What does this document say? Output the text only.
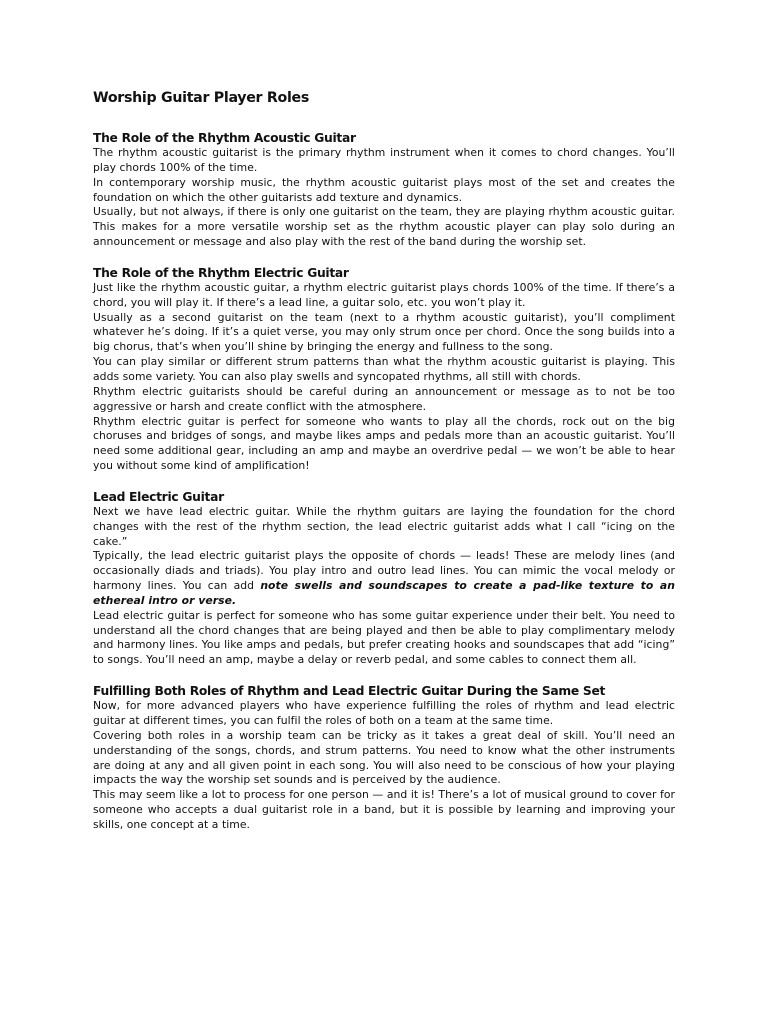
Worship Guitar Player Roles
The Role of the Rhythm Acoustic Guitar

The rhythm acoustic guitarist is the primary rhythm instrument when it comes to chord changes. You’ll play chords 100% of the time.

In contemporary worship music, the rhythm acoustic guitarist plays most of the set and creates the foundation on which the other guitarists add texture and dynamics.

Usually, but not always, if there is only one guitarist on the team, they are playing rhythm acoustic guitar. This makes for a more versatile worship set as the rhythm acoustic player can play solo during an announcement or message and also play with the rest of the band during the worship set.

The Role of the Rhythm Electric Guitar

Just like the rhythm acoustic guitar, a rhythm electric guitarist plays chords 100% of the time. If there’s a chord, you will play it. If there’s a lead line, a guitar solo, etc. you won’t play it.

Usually as a second guitarist on the team (next to a rhythm acoustic guitarist), you’ll compliment whatever he’s doing. If it’s a quiet verse, you may only strum once per chord. Once the song builds into a big chorus, that’s when you’ll shine by bringing the energy and fullness to the song.

You can play similar or different strum patterns than what the rhythm acoustic guitarist is playing. This adds some variety. You can also play swells and syncopated rhythms, all still with chords.

Rhythm electric guitarists should be careful during an announcement or message as to not be too aggressive or harsh and create conflict with the atmosphere.

Rhythm electric guitar is perfect for someone who wants to play all the chords, rock out on the big choruses and bridges of songs, and maybe likes amps and pedals more than an acoustic guitarist. You’ll need some additional gear, including an amp and maybe an overdrive pedal — we won’t be able to hear you without some kind of amplification!

Lead Electric Guitar

Next we have lead electric guitar. While the rhythm guitars are laying the foundation for the chord changes with the rest of the rhythm section, the lead electric guitarist adds what I call “icing on the cake.”

Typically, the lead electric guitarist plays the opposite of chords — leads! These are melody lines (and occasionally diads and triads). You play intro and outro lead lines. You can mimic the vocal melody or harmony lines. You can add note swells and soundscapes to create a pad-like texture to an ethereal intro or verse.

Lead electric guitar is perfect for someone who has some guitar experience under their belt. You need to understand all the chord changes that are being played and then be able to play complimentary melody and harmony lines. You like amps and pedals, but prefer creating hooks and soundscapes that add “icing” to songs. You’ll need an amp, maybe a delay or reverb pedal, and some cables to connect them all.

Fulfilling Both Roles of Rhythm and Lead Electric Guitar During the Same Set

Now, for more advanced players who have experience fulfilling the roles of rhythm and lead electric guitar at different times, you can fulfil the roles of both on a team at the same time.

Covering both roles in a worship team can be tricky as it takes a great deal of skill. You’ll need an understanding of the songs, chords, and strum patterns. You need to know what the other instruments are doing at any and all given point in each song. You will also need to be conscious of how your playing impacts the way the worship set sounds and is perceived by the audience.

This may seem like a lot to process for one person — and it is! There’s a lot of musical ground to cover for someone who accepts a dual guitarist role in a band, but it is possible by learning and improving your skills, one concept at a time.
